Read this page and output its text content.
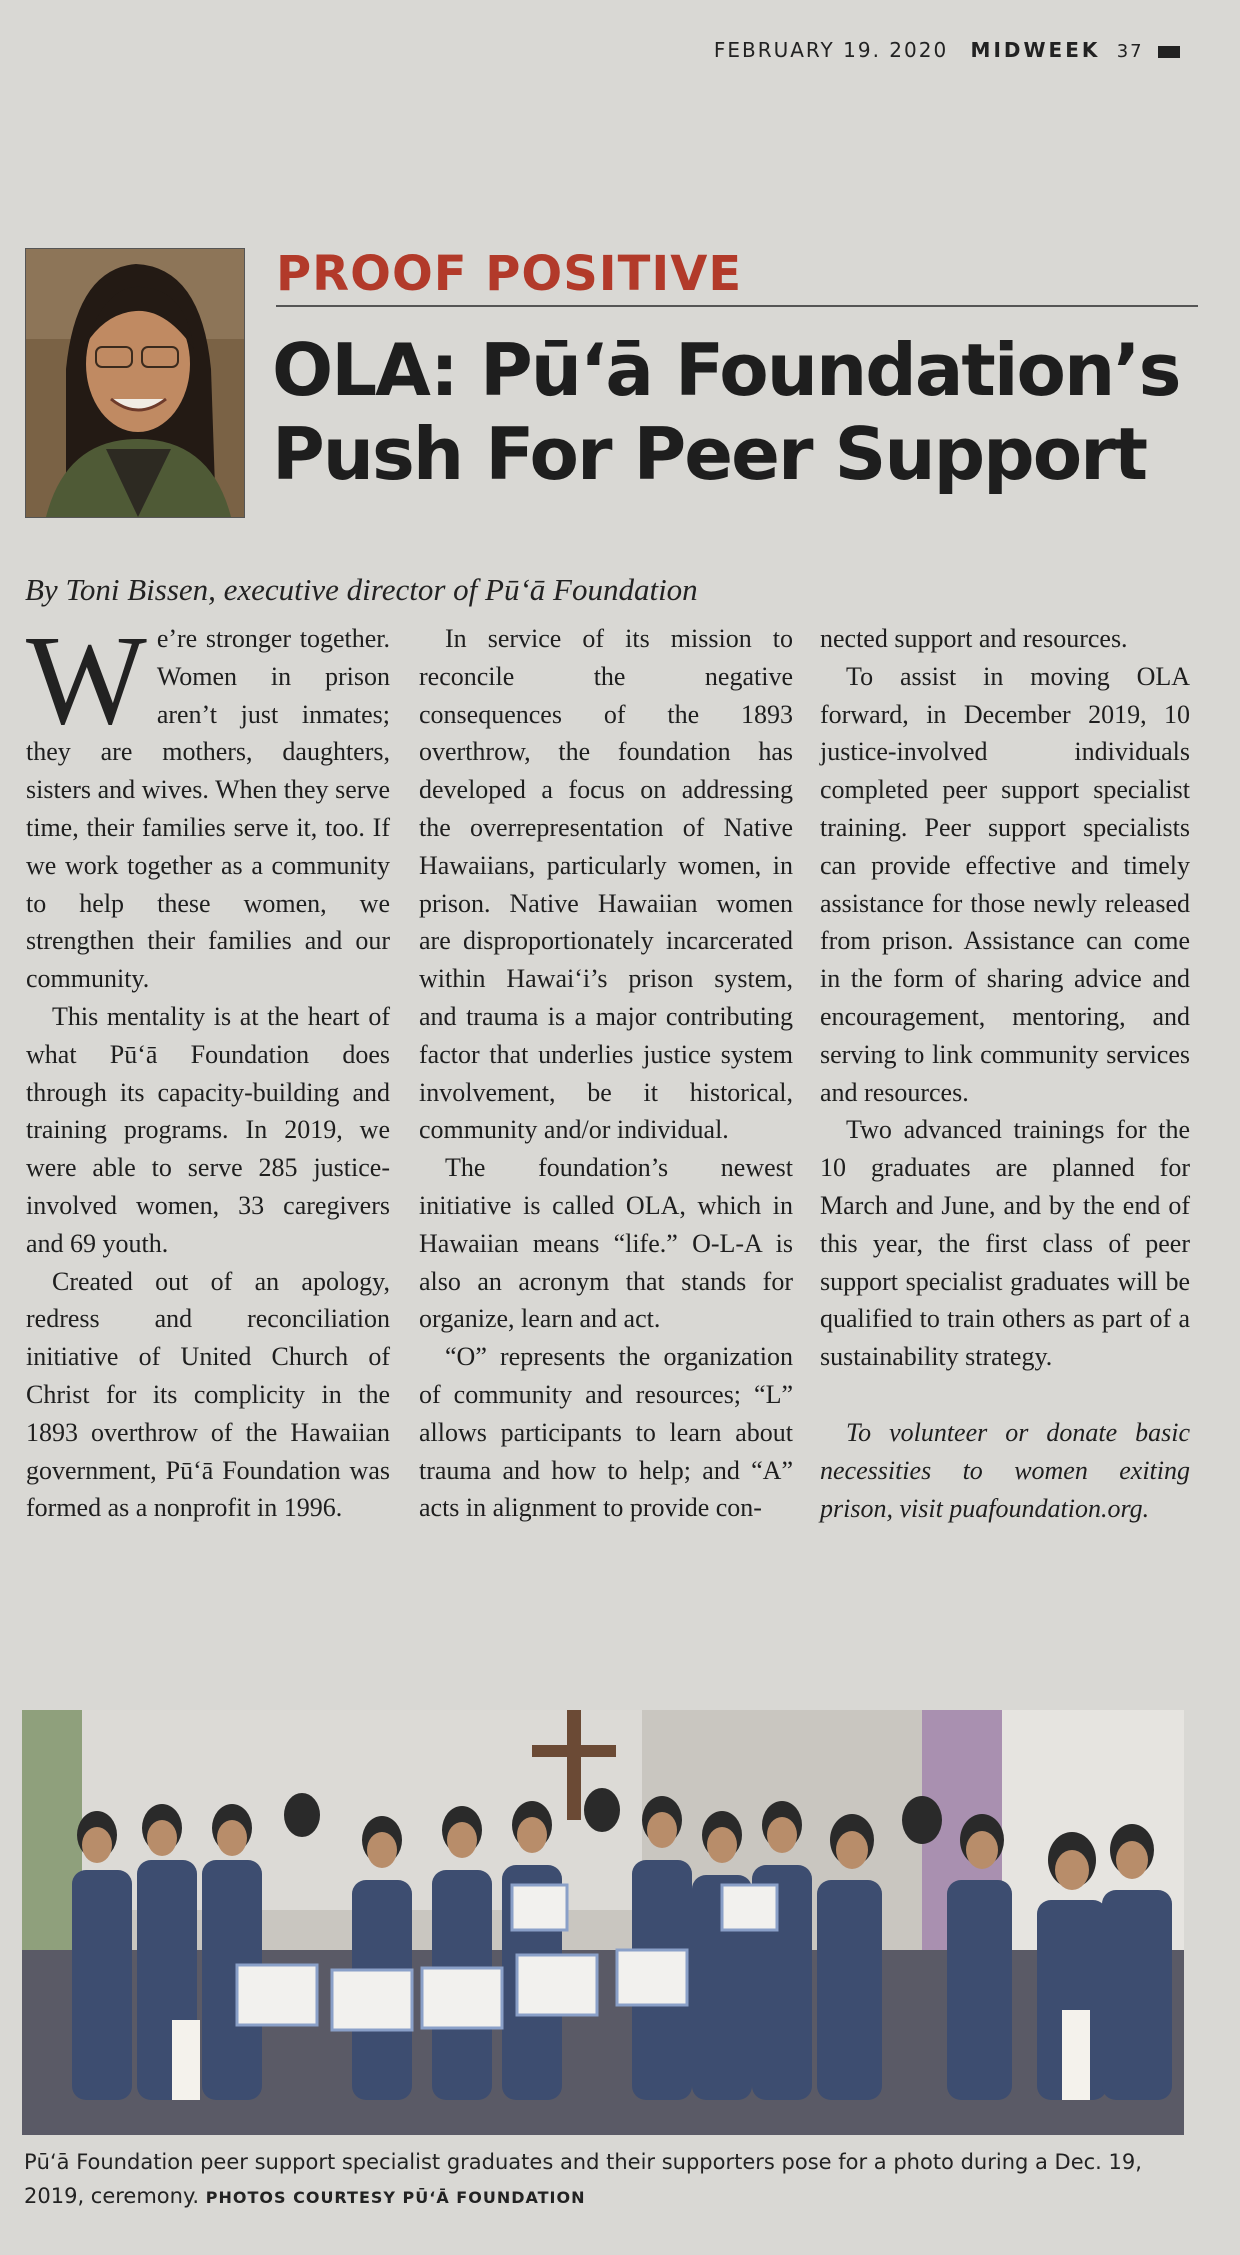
FEBRUARY 19. 2020 MIDWEEK 37
PROOF POSITIVE
OLA: Pū‘ā Foundation’s
Push For Peer Support
By Toni Bissen, executive director of Pū‘ā Foundation

We’re stronger together. Women in prison aren’t just inmates; they are mothers, daughters, sisters and wives. When they serve time, their families serve it, too. If we work together as a community to help these women, we strengthen their families and our community.

This mentality is at the heart of what Pū‘ā Foundation does through its capacity-building and training programs. In 2019, we were able to serve 285 justice-involved women, 33 caregivers and 69 youth.

Created out of an apology, redress and reconciliation initiative of United Church of Christ for its complicity in the 1893 overthrow of the Hawaiian government, Pū‘ā Foundation was formed as a nonprofit in 1996.

In service of its mission to reconcile the negative consequences of the 1893 overthrow, the foundation has developed a focus on addressing the overrepresentation of Native Hawaiians, particularly women, in prison. Native Hawaiian women are disproportionately incarcerated within Hawai‘i’s prison system, and trauma is a major contributing factor that underlies justice system involvement, be it historical, community and/or individual.

The foundation’s newest initiative is called OLA, which in Hawaiian means “life.” O-L-A is also an acronym that stands for organize, learn and act.

“O” represents the organization of community and resources; “L” allows participants to learn about trauma and how to help; and “A” acts in alignment to provide con-

nected support and resources.

To assist in moving OLA forward, in December 2019, 10 justice-involved individuals completed peer support specialist training. Peer support specialists can provide effective and timely assistance for those newly released from prison. Assistance can come in the form of sharing advice and encouragement, mentoring, and serving to link community services and resources.

Two advanced trainings for the 10 graduates are planned for March and June, and by the end of this year, the first class of peer support specialist graduates will be qualified to train others as part of a sustainability strategy.

To volunteer or donate basic necessities to women exiting prison, visit puafoundation.org.

Pū‘ā Foundation peer support specialist graduates and their supporters pose for a photo during a Dec. 19, 2019, ceremony. PHOTOS COURTESY PŪ‘Ā FOUNDATION
